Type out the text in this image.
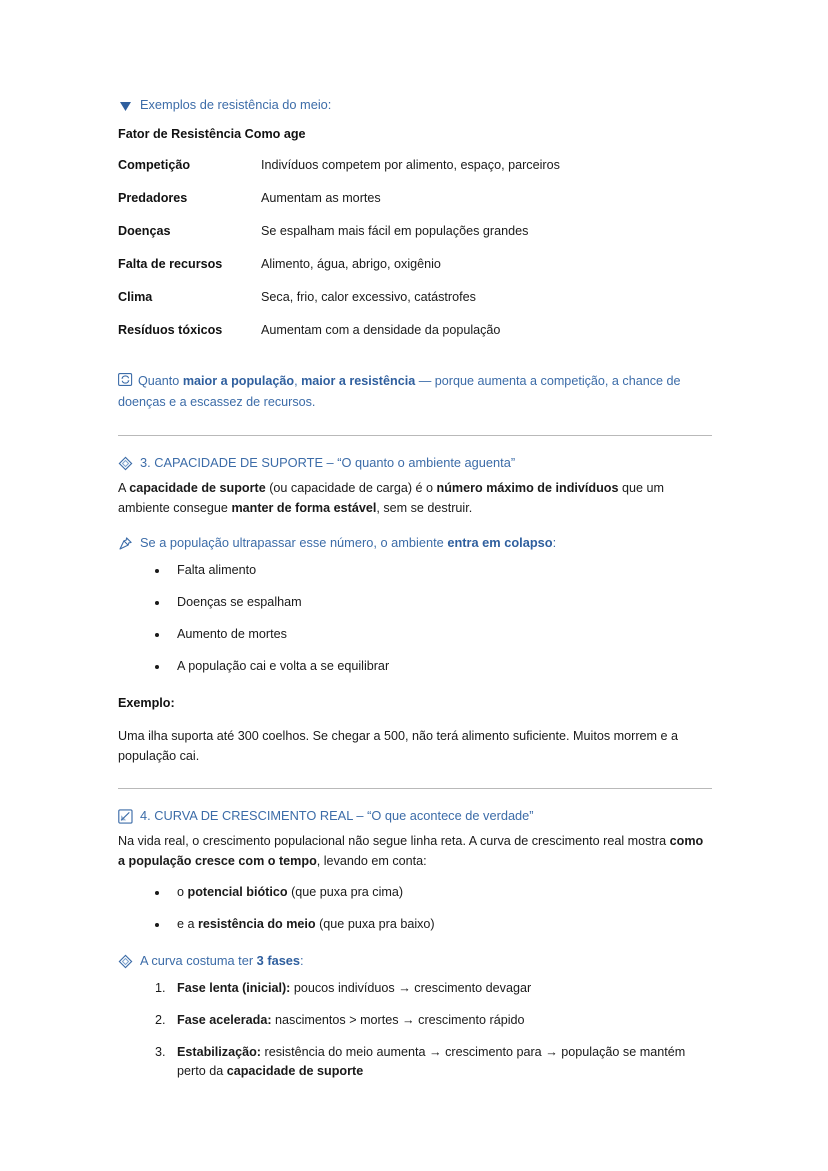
Exemplos de resistência do meio:
Fator de Resistência Como age	
Competição	Indivíduos competem por alimento, espaço, parceiros
Predadores	Aumentam as mortes
Doenças	Se espalham mais fácil em populações grandes
Falta de recursos	Alimento, água, abrigo, oxigênio
Clima	Seca, frio, calor excessivo, catástrofes
Resíduos tóxicos	Aumentam com a densidade da população
Quanto maior a população, maior a resistência — porque aumenta a competição, a chance de doenças e a escassez de recursos.
3. CAPACIDADE DE SUPORTE – “O quanto o ambiente aguenta”

A capacidade de suporte (ou capacidade de carga) é o número máximo de indivíduos que um ambiente consegue manter de forma estável, sem se destruir.

Se a população ultrapassar esse número, o ambiente entra em colapso:
• Falta alimento
• Doenças se espalham
• Aumento de mortes
• A população cai e volta a se equilibrar
Exemplo:

Uma ilha suporta até 300 coelhos. Se chegar a 500, não terá alimento suficiente. Muitos morrem e a população cai.

4. CURVA DE CRESCIMENTO REAL – “O que acontece de verdade”

Na vida real, o crescimento populacional não segue linha reta. A curva de crescimento real mostra como a população cresce com o tempo, levando em conta:

• o potencial biótico (que puxa pra cima)
• e a resistência do meio (que puxa pra baixo)
A curva costuma ter 3 fases:
1. Fase lenta (inicial): poucos indivíduos → crescimento devagar
2. Fase acelerada: nascimentos > mortes → crescimento rápido
3. Estabilização: resistência do meio aumenta → crescimento para → população se mantém perto da capacidade de suporte
